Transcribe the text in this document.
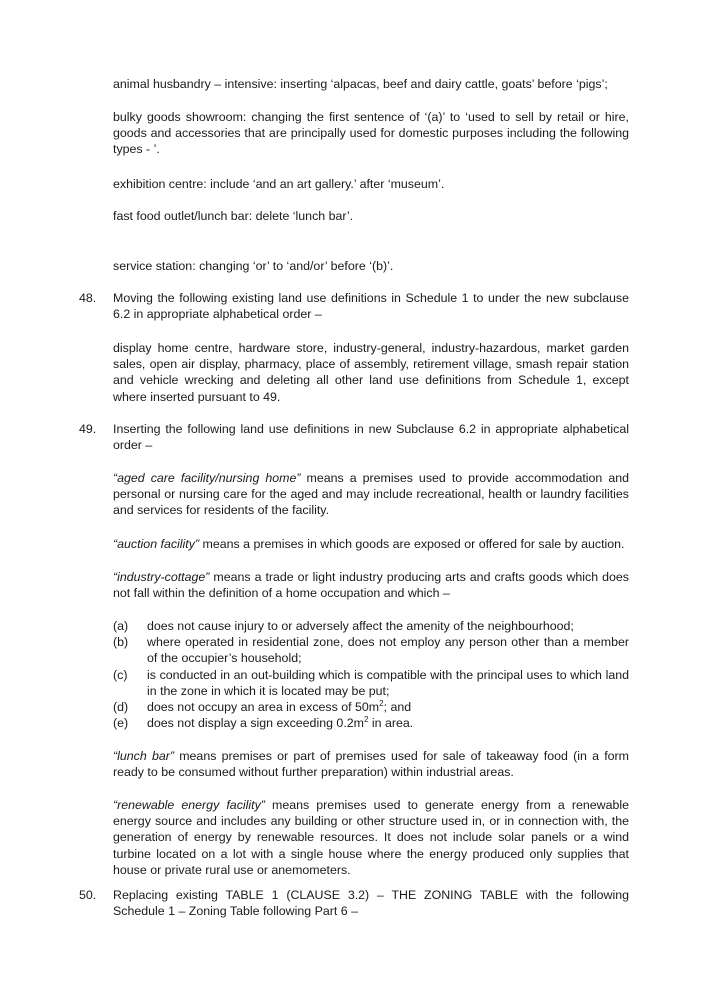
animal husbandry – intensive: inserting ‘alpacas, beef and dairy cattle, goats’ before ‘pigs’;

bulky goods showroom: changing the first sentence of ‘(a)’ to ‘used to sell by retail or hire, goods and accessories that are principally used for domestic purposes including the following types - ’.

exhibition centre: include ‘and an art gallery.’ after ‘museum’.

fast food outlet/lunch bar: delete ‘lunch bar’.

service station: changing ‘or’ to ‘and/or’ before ‘(b)’.

48. Moving the following existing land use definitions in Schedule 1 to under the new subclause 6.2 in appropriate alphabetical order –

display home centre, hardware store, industry-general, industry-hazardous, market garden sales, open air display, pharmacy, place of assembly, retirement village, smash repair station and vehicle wrecking and deleting all other land use definitions from Schedule 1, except where inserted pursuant to 49.

49. Inserting the following land use definitions in new Subclause 6.2 in appropriate alphabetical order –

“aged care facility/nursing home” means a premises used to provide accommodation and personal or nursing care for the aged and may include recreational, health or laundry facilities and services for residents of the facility.

“auction facility” means a premises in which goods are exposed or offered for sale by auction.

“industry-cottage” means a trade or light industry producing arts and crafts goods which does not fall within the definition of a home occupation and which –

(a) does not cause injury to or adversely affect the amenity of the neighbourhood;

(b) where operated in residential zone, does not employ any person other than a member of the occupier’s household;

(c) is conducted in an out-building which is compatible with the principal uses to which land in the zone in which it is located may be put;

(d) does not occupy an area in excess of $50m^2$; and

(e) does not display a sign exceeding $0.2m^2$ in area.

“lunch bar” means premises or part of premises used for sale of takeaway food (in a form ready to be consumed without further preparation) within industrial areas.

“renewable energy facility” means premises used to generate energy from a renewable energy source and includes any building or other structure used in, or in connection with, the generation of energy by renewable resources. It does not include solar panels or a wind turbine located on a lot with a single house where the energy produced only supplies that house or private rural use or anemometers.

50. Replacing existing TABLE 1 (CLAUSE 3.2) – THE ZONING TABLE with the following Schedule 1 – Zoning Table following Part 6 –
